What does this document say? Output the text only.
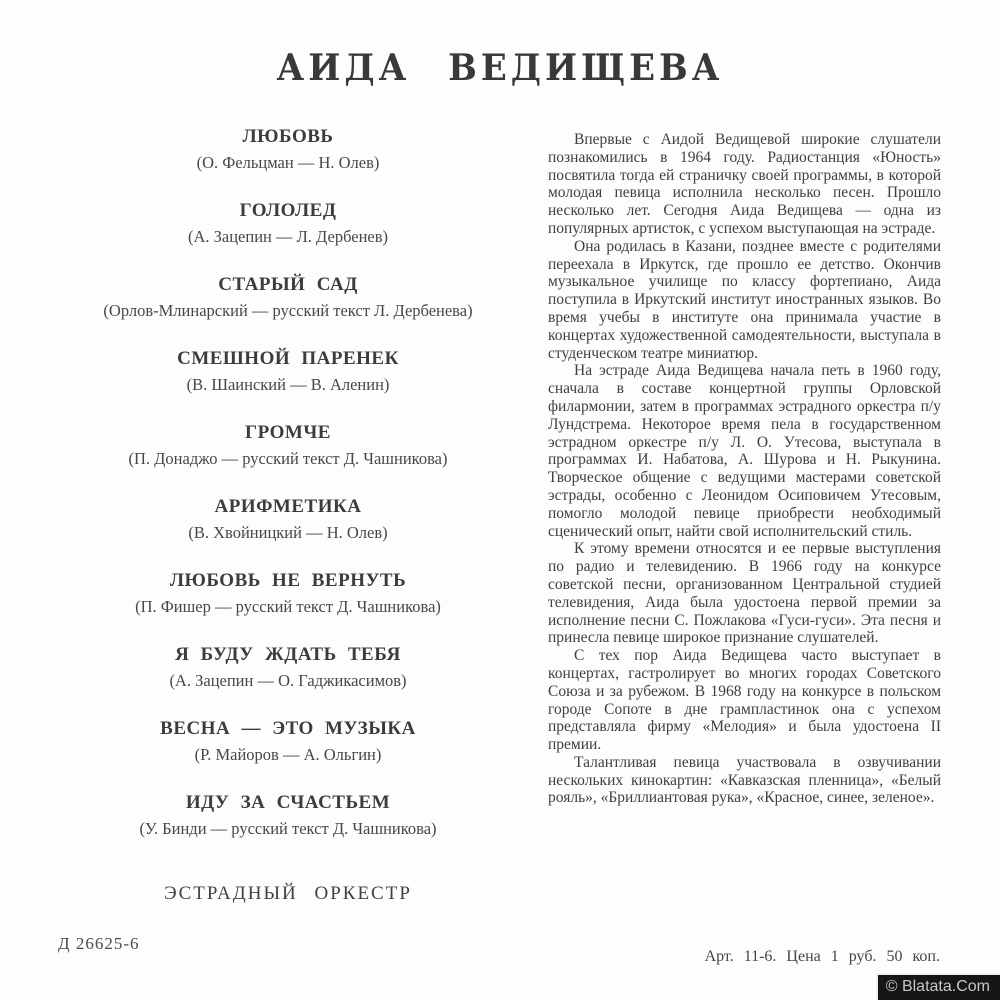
АИДА ВЕДИЩЕВА
ЛЮБОВЬ
(О. Фельцман — Н. Олев)
ГОЛОЛЕД
(А. Зацепин — Л. Дербенев)
СТАРЫЙ САД
(Орлов-Млинарский — русский текст Л. Дербенева)
СМЕШНОЙ ПАРЕНЕК
(В. Шаинский — В. Аленин)
ГРОМЧЕ
(П. Донаджо — русский текст Д. Чашникова)
АРИФМЕТИКА
(В. Хвойницкий — Н. Олев)
ЛЮБОВЬ НЕ ВЕРНУТЬ
(П. Фишер — русский текст Д. Чашникова)
Я БУДУ ЖДАТЬ ТЕБЯ
(А. Зацепин — О. Гаджикасимов)
ВЕСНА — ЭТО МУЗЫКА
(Р. Майоров — А. Ольгин)
ИДУ ЗА СЧАСТЬЕМ
(У. Бинди — русский текст Д. Чашникова)
ЭСТРАДНЫЙ ОРКЕСТР

Впервые с Аидой Ведищевой широкие слушатели познакомились в 1964 году. Радиостанция «Юность» посвятила тогда ей страничку своей программы, в которой молодая певица исполнила несколько песен. Прошло несколько лет. Сегодня Аида Ведищева — одна из популярных артисток, с успехом выступающая на эстраде.

Она родилась в Казани, позднее вместе с родителями переехала в Иркутск, где прошло ее детство. Окончив музыкальное училище по классу фортепиано, Аида поступила в Иркутский институт иностранных языков. Во время учебы в институте она принимала участие в концертах художественной самодеятельности, выступала в студенческом театре миниатюр.

На эстраде Аида Ведищева начала петь в 1960 году, сначала в составе концертной группы Орловской филармонии, затем в программах эстрадного оркестра п/у Лундстрема. Некоторое время пела в государственном эстрадном оркестре п/у Л. О. Утесова, выступала в программах И. Набатова, А. Шурова и Н. Рыкунина. Творческое общение с ведущими мастерами советской эстрады, особенно с Леонидом Осиповичем Утесовым, помогло молодой певице приобрести необходимый сценический опыт, найти свой исполнительский стиль.

К этому времени относятся и ее первые выступления по радио и телевидению. В 1966 году на конкурсе советской песни, организованном Центральной студией телевидения, Аида была удостоена первой премии за исполнение песни С. Пожлакова «Гуси-гуси». Эта песня и принесла певице широкое признание слушателей.

С тех пор Аида Ведищева часто выступает в концертах, гастролирует во многих городах Советского Союза и за рубежом. В 1968 году на конкурсе в польском городе Сопоте в дне грампластинок она с успехом представляла фирму «Мелодия» и была удостоена II премии.

Талантливая певица участвовала в озвучивании нескольких кинокартин: «Кавказская пленница», «Белый рояль», «Бриллиантовая рука», «Красное, синее, зеленое».

Д 26625-6
Арт. 11-6. Цена 1 руб. 50 коп.
© Blatata.Com
